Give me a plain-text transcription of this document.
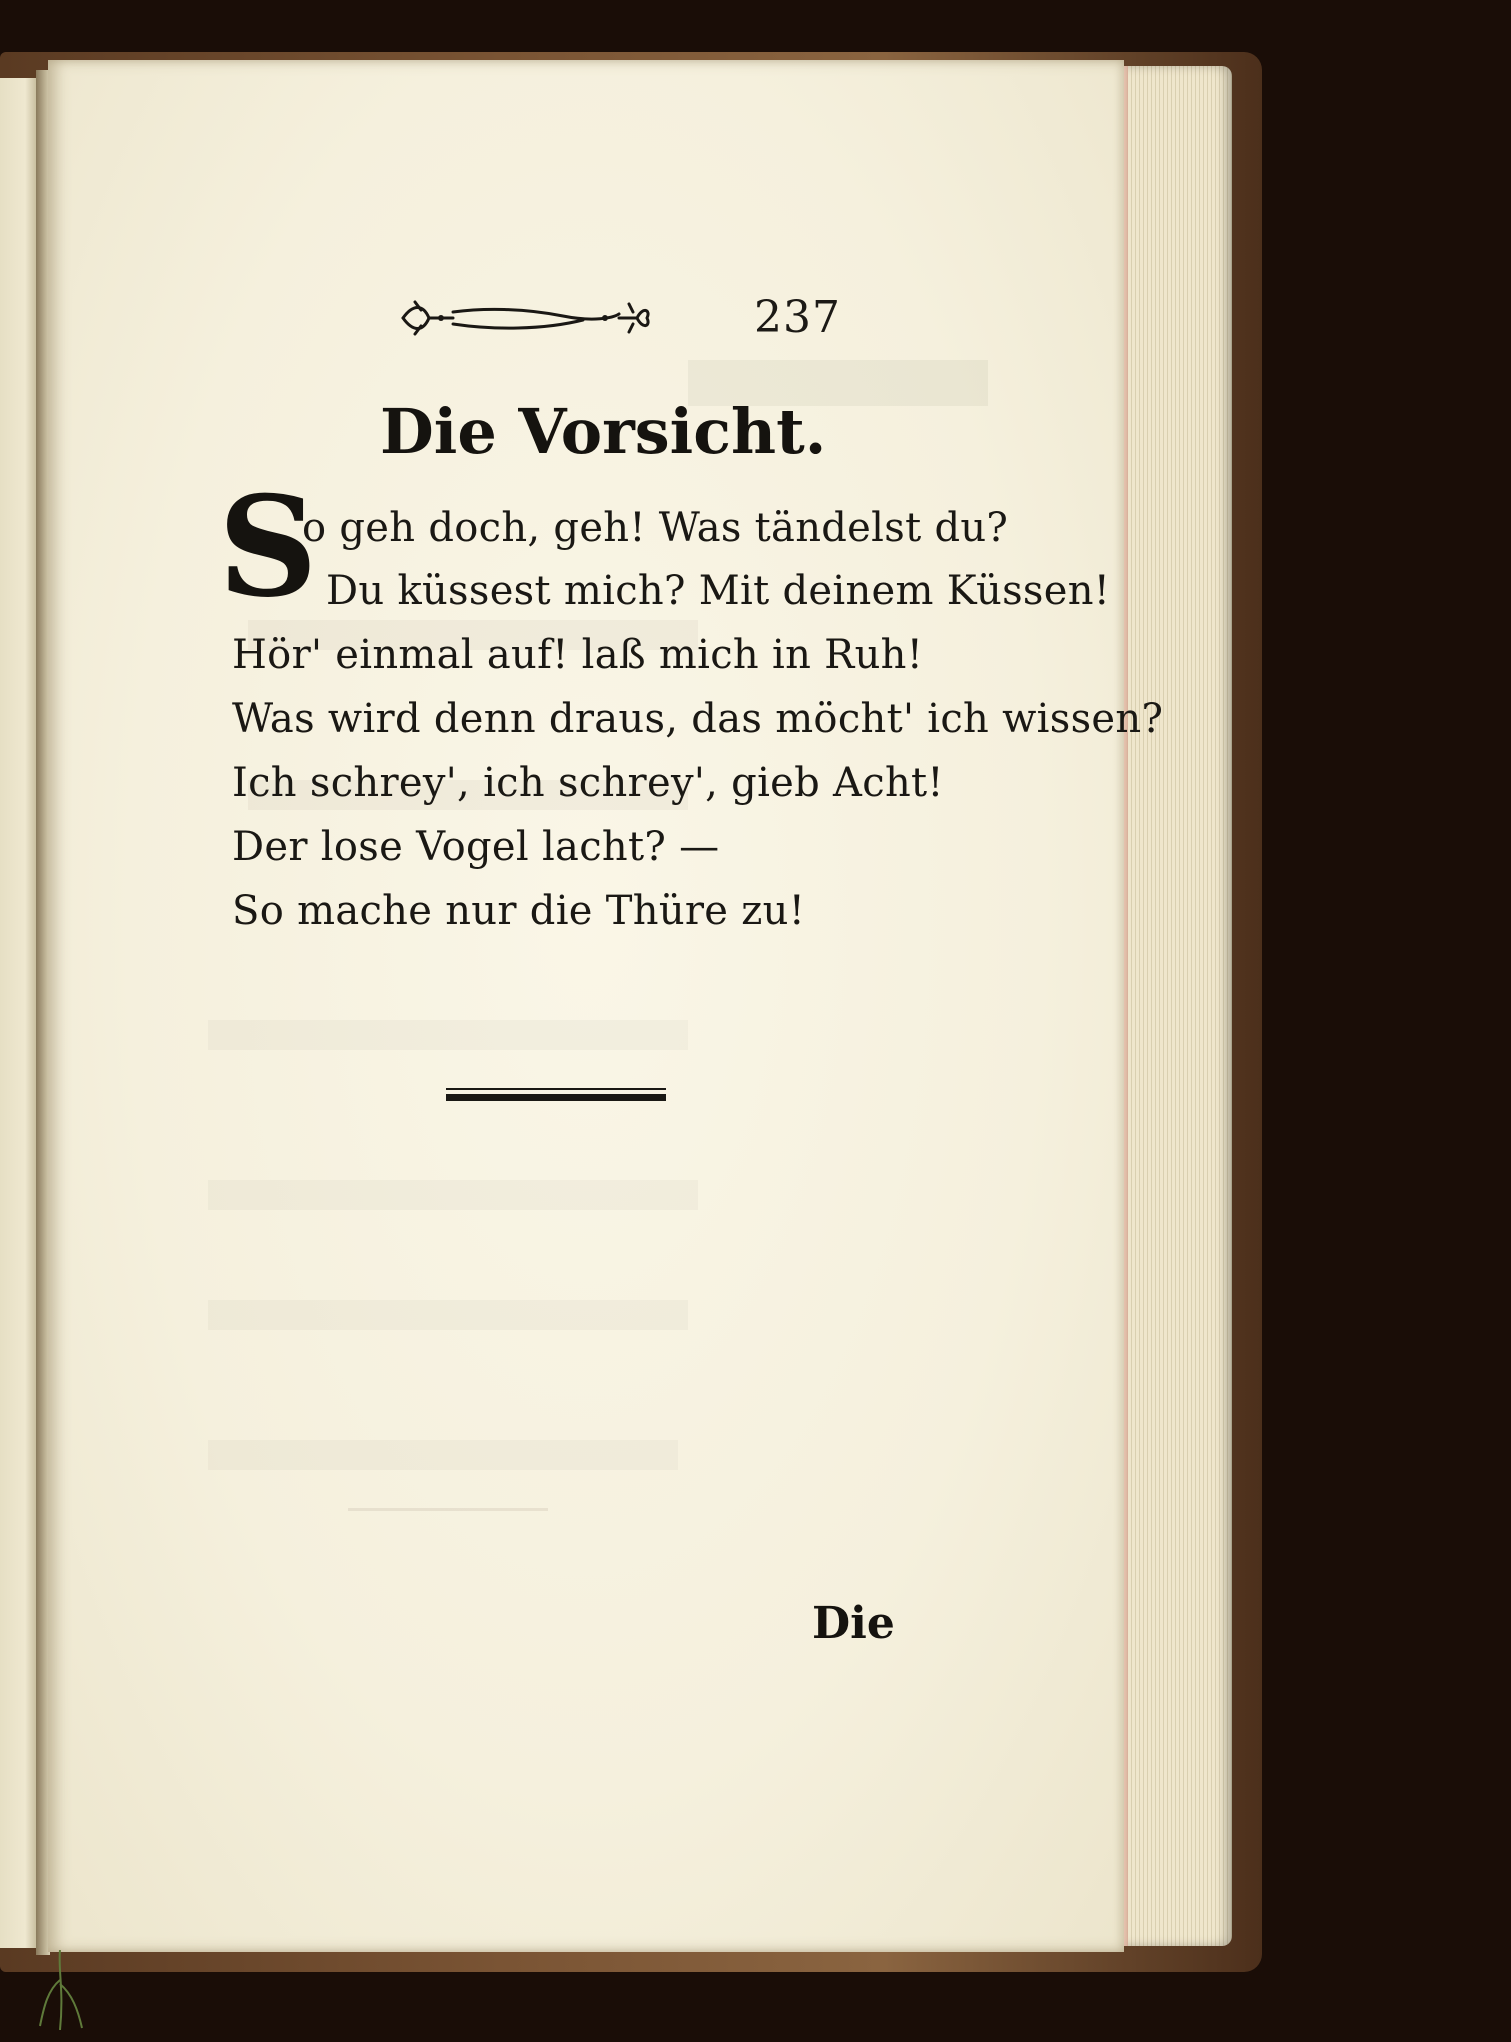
237
Die Vorsicht.
S
o geh doch, geh! Was tändelst du?
Du küssest mich? Mit deinem Küssen!
Hör' einmal auf! laß mich in Ruh!
Was wird denn draus, das möcht' ich wissen?
Ich schrey', ich schrey', gieb Acht!
Der lose Vogel lacht? —
So mache nur die Thüre zu!
Die
